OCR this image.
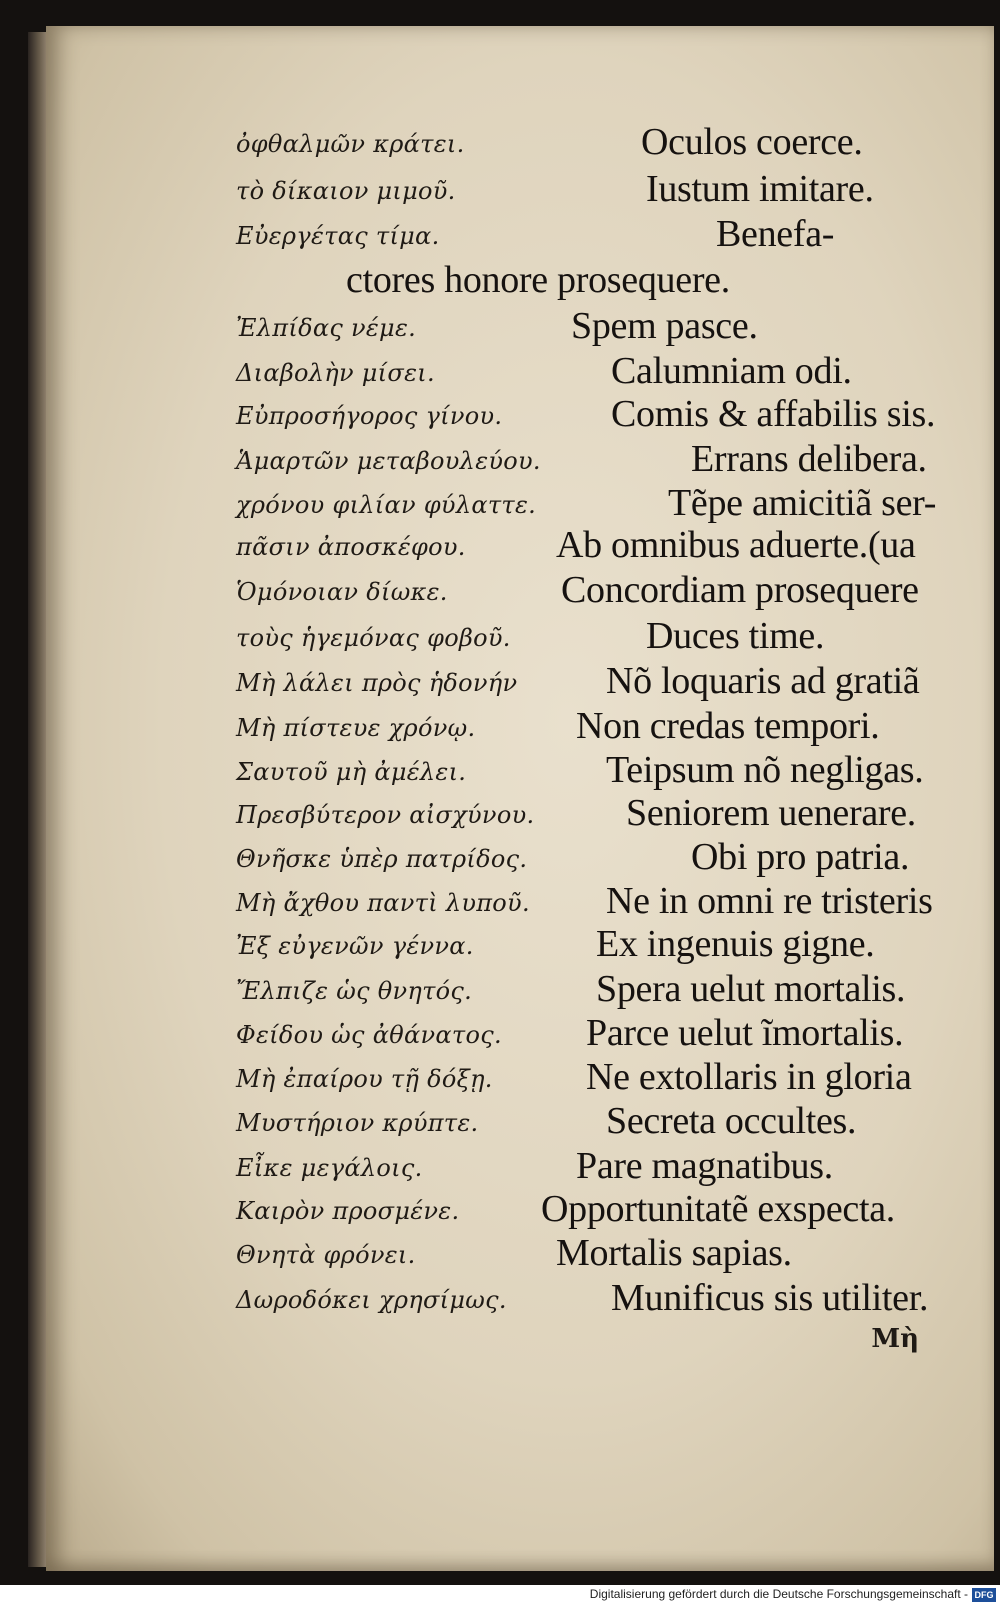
ὀφθαλμῶν κράτει.	Oculos coerce.
τὸ δίκαιον μιμοῦ.	Iustum imitare.
Εὐεργέτας τίμα.	Benefa-
ctores honore prosequere.
Ἐλπίδας νέμε.	Spem pasce.
Διαβολὴν μίσει.	Calumniam odi.
Εὐπροσήγορος γίνου.	Comis & affabilis sis.
Ἁμαρτῶν μεταβουλεύου.	Errans delibera.
χρόνου φιλίαν φύλαττε.	Tẽpe amicitiã ser-
πᾶσιν ἀποσκέφου. Ab omnibus aduerte.(ua
Ὁμόνοιαν δίωκε.	Concordiam prosequere
τοὺς ἡγεμόνας φοβοῦ.	Duces time.
Μὴ λάλει πρὸς ἡδονήν Nõ loquaris ad gratiã
Μὴ πίστευε χρόνῳ.	Non credas tempori.
Σαυτοῦ μὴ ἀμέλει.	Teipsum nõ negligas.
Πρεσβύτερον αἰσχύνου. Seniorem uenerare.
Θνῆσκε ὑπὲρ πατρίδος.	Obi pro patria.
Μὴ ἄχθου παντὶ λυποῦ. Ne in omni re tristeris
Ἐξ εὐγενῶν γέννα.	Ex ingenuis gigne.
Ἔλπιζε ὡς θνητός.	Spera uelut mortalis.
Φείδου ὡς ἀθάνατος. Parce uelut ĩmortalis.
Μὴ ἐπαίρου τῇ δόξῃ. Ne extollaris in gloria
Μυστήριον κρύπτε.	Secreta occultes.
Εἶκε μεγάλοις.	Pare magnatibus.
Καιρὸν προσμένε. Opportunitatẽ exspecta.
Θνητὰ φρόνει.	Mortalis sapias.
Δωροδόκει χρησίμως.	Munificus sis utiliter.
Μὴ
Digitalisierung gefördert durch die Deutsche Forschungsgemeinschaft - DFG
